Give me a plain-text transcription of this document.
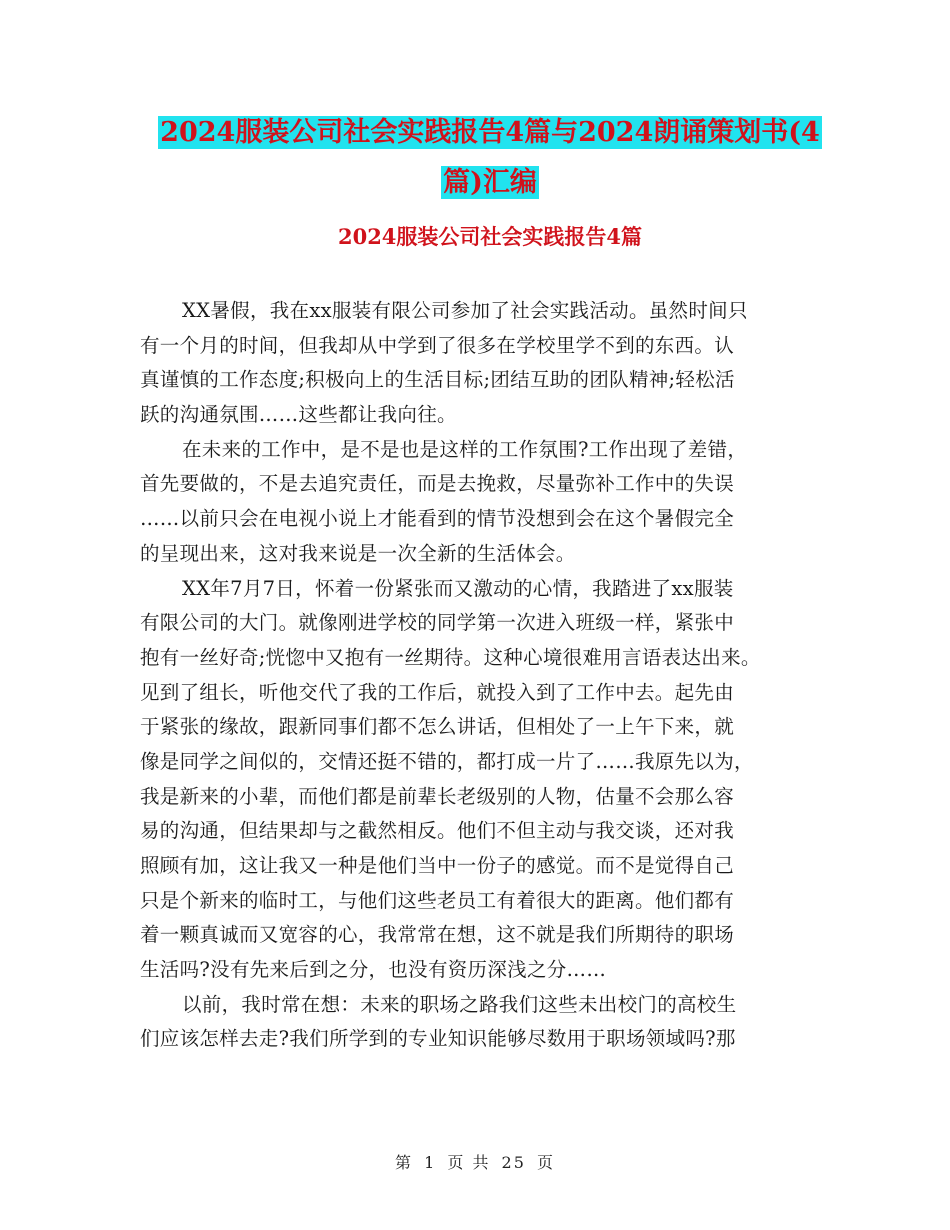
2024服装公司社会实践报告4篇与2024朗诵策划书(4
篇)汇编
2024服装公司社会实践报告4篇
XX暑假，我在xx服装有限公司参加了社会实践活动。虽然时间只
有一个月的时间，但我却从中学到了很多在学校里学不到的东西。认
真谨慎的工作态度;积极向上的生活目标;团结互助的团队精神;轻松活
跃的沟通氛围……这些都让我向往。
在未来的工作中，是不是也是这样的工作氛围?工作出现了差错，
首先要做的，不是去追究责任，而是去挽救，尽量弥补工作中的失误
……以前只会在电视小说上才能看到的情节没想到会在这个暑假完全
的呈现出来，这对我来说是一次全新的生活体会。
XX年7月7日，怀着一份紧张而又激动的心情，我踏进了xx服装
有限公司的大门。就像刚进学校的同学第一次进入班级一样，紧张中
抱有一丝好奇;恍惚中又抱有一丝期待。这种心境很难用言语表达出来。
见到了组长，听他交代了我的工作后，就投入到了工作中去。起先由
于紧张的缘故，跟新同事们都不怎么讲话，但相处了一上午下来，就
像是同学之间似的，交情还挺不错的，都打成一片了……我原先以为，
我是新来的小辈，而他们都是前辈长老级别的人物，估量不会那么容
易的沟通，但结果却与之截然相反。他们不但主动与我交谈，还对我
照顾有加，这让我又一种是他们当中一份子的感觉。而不是觉得自己
只是个新来的临时工，与他们这些老员工有着很大的距离。他们都有
着一颗真诚而又宽容的心，我常常在想，这不就是我们所期待的职场
生活吗?没有先来后到之分，也没有资历深浅之分……
以前，我时常在想：未来的职场之路我们这些未出校门的高校生
们应该怎样去走?我们所学到的专业知识能够尽数用于职场领域吗?那
第 1 页 共 25 页
